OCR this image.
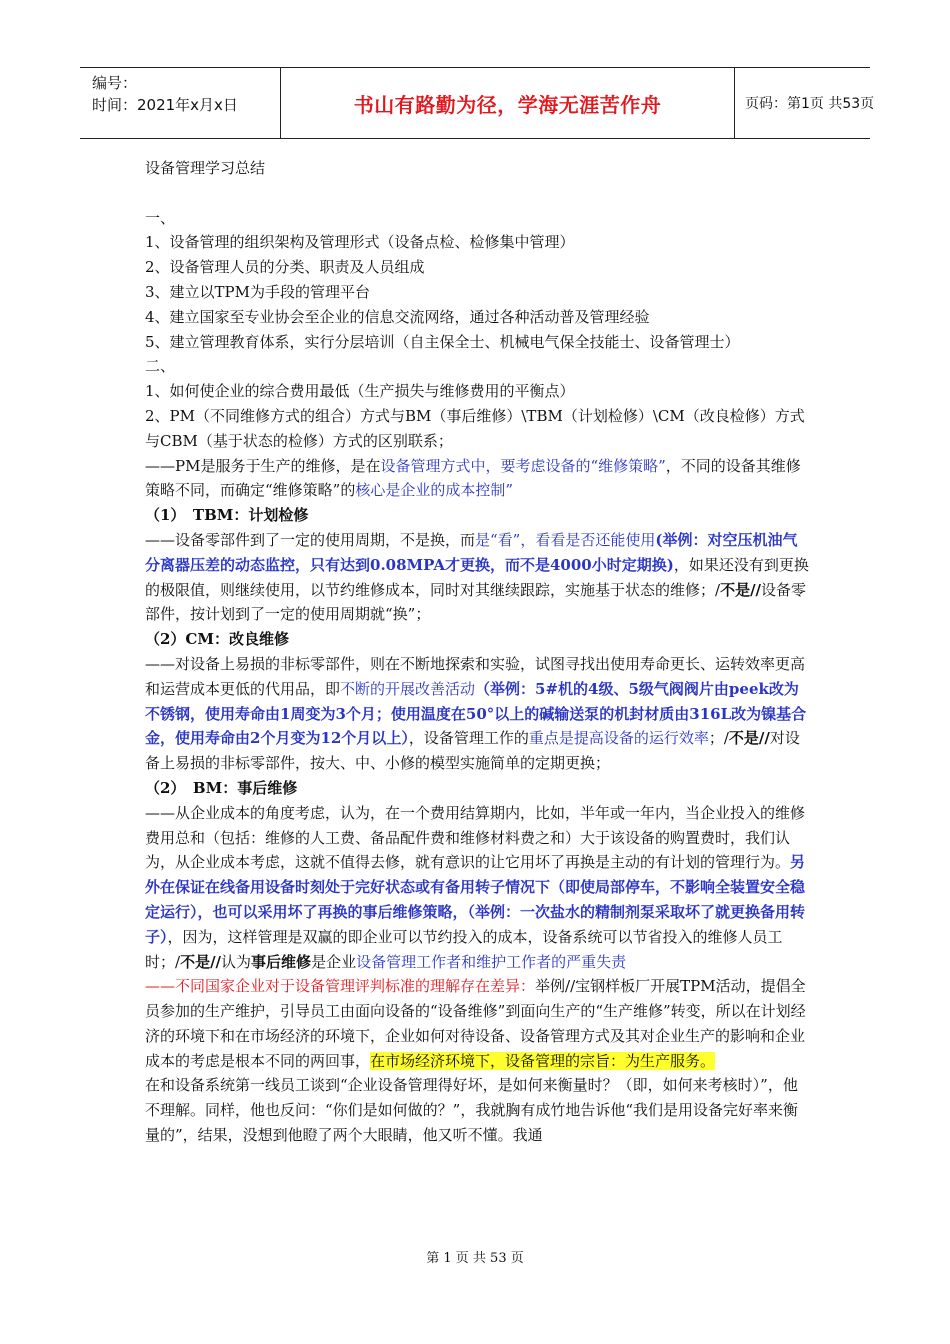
编号：
时间：2021年x月x日	书山有路勤为径，学海无涯苦作舟	页码：第1页 共53页

设备管理学习总结

一、

1、设备管理的组织架构及管理形式（设备点检、检修集中管理）

2、设备管理人员的分类、职责及人员组成

3、建立以TPM为手段的管理平台

4、建立国家至专业协会至企业的信息交流网络，通过各种活动普及管理经验

5、建立管理教育体系，实行分层培训（自主保全士、机械电气保全技能士、设备管理士）

二、

1、如何使企业的综合费用最低（生产损失与维修费用的平衡点）

2、PM（不同维修方式的组合）方式与BM（事后维修）\TBM（计划检修）\CM（改良检修）方式与CBM（基于状态的检修）方式的区别联系；

——PM是服务于生产的维修，是在设备管理方式中，要考虑设备的“维修策略”，不同的设备其维修策略不同，而确定“维修策略”的核心是企业的成本控制”

（1）　TBM：计划检修

——设备零部件到了一定的使用周期，不是换，而是“看”，看看是否还能使用(举例：对空压机油气分离器压差的动态监控，只有达到0.08MPA才更换，而不是4000小时定期换)，如果还没有到更换的极限值，则继续使用，以节约维修成本，同时对其继续跟踪，实施基于状态的维修；/不是//设备零部件，按计划到了一定的使用周期就“换”；

（2）CM：改良维修

——对设备上易损的非标零部件，则在不断地探索和实验，试图寻找出使用寿命更长、运转效率更高和运营成本更低的代用品，即不断的开展改善活动（举例：5#机的4级、5级气阀阀片由peek改为不锈钢，使用寿命由1周变为3个月；使用温度在50°以上的碱输送泵的机封材质由316L改为镍基合金，使用寿命由2个月变为12个月以上），设备管理工作的重点是提高设备的运行效率；/不是//对设备上易损的非标零部件，按大、中、小修的模型实施简单的定期更换；

（2）　BM：事后维修

——从企业成本的角度考虑，认为，在一个费用结算期内，比如，半年或一年内，当企业投入的维修费用总和（包括：维修的人工费、备品配件费和维修材料费之和）大于该设备的购置费时，我们认为，从企业成本考虑，这就不值得去修，就有意识的让它用坏了再换是主动的有计划的管理行为。另外在保证在线备用设备时刻处于完好状态或有备用转子情况下（即使局部停车，不影响全装置安全稳定运行），也可以采用坏了再换的事后维修策略，（举例：一次盐水的精制剂泵采取坏了就更换备用转子），因为，这样管理是双赢的即企业可以节约投入的成本，设备系统可以节省投入的维修人员工时；/不是//认为事后维修是企业设备管理工作者和维护工作者的严重失责

——不同国家企业对于设备管理评判标准的理解存在差异：举例//宝钢样板厂开展TPM活动，提倡全员参加的生产维护，引导员工由面向设备的“设备维修”到面向生产的“生产维修”转变，所以在计划经济的环境下和在市场经济的环境下，企业如何对待设备、设备管理方式及其对企业生产的影响和企业成本的考虑是根本不同的两回事，在市场经济环境下，设备管理的宗旨：为生产服务。

在和设备系统第一线员工谈到“企业设备管理得好坏，是如何来衡量时？（即，如何来考核时）”，他不理解。同样，他也反问：“你们是如何做的？”，我就胸有成竹地告诉他“我们是用设备完好率来衡量的”，结果，没想到他瞪了两个大眼睛，他又听不懂。我通

第 1 页 共 53 页
